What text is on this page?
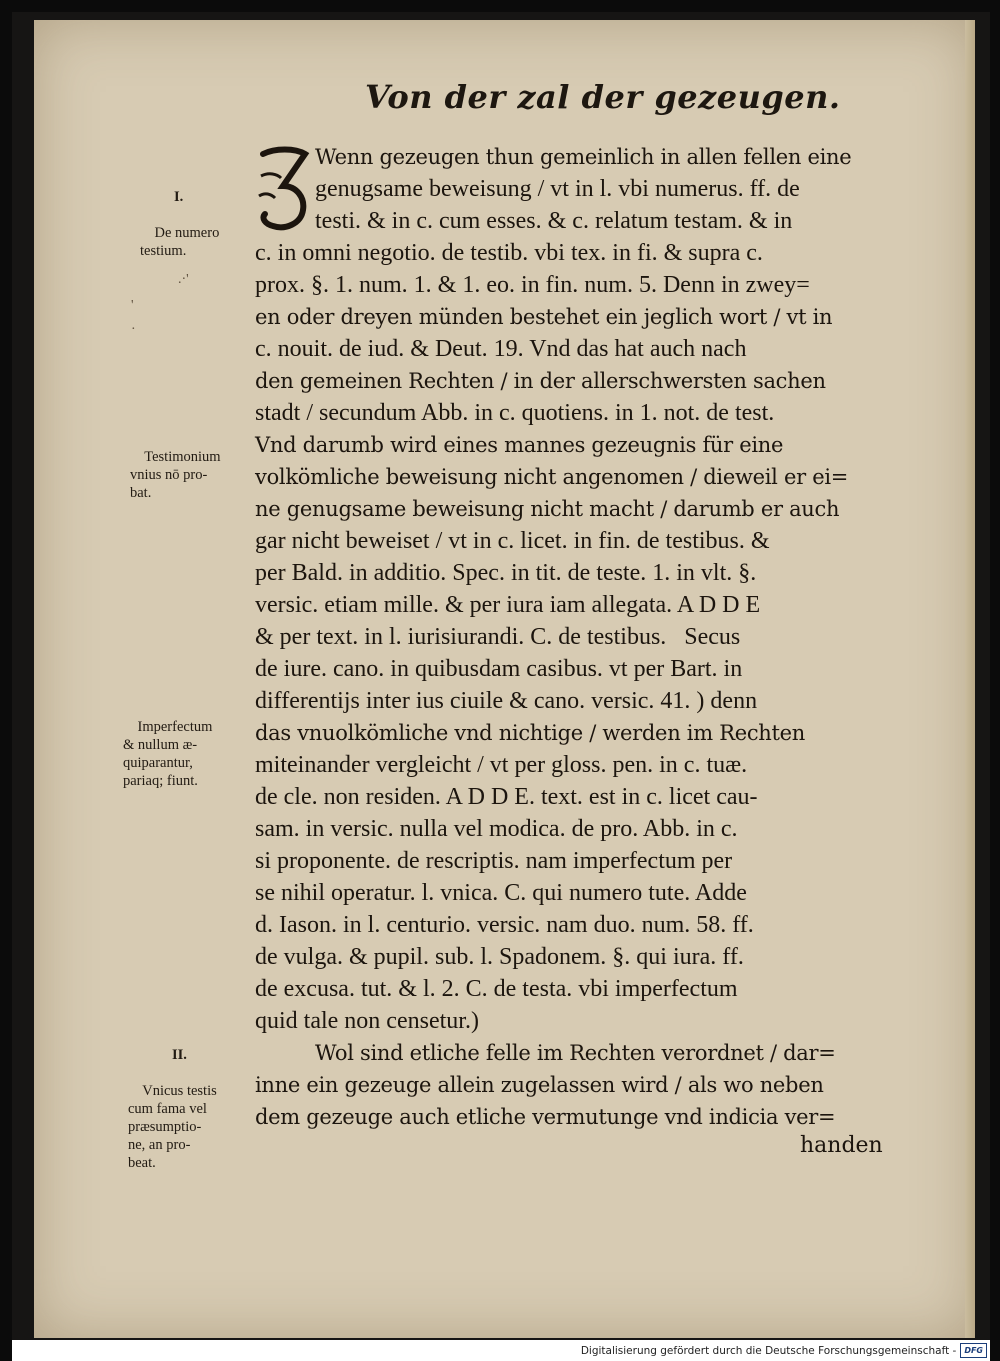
Von der zal der gezeugen.

I.

De numero
testium.

Testimonium
vnius nō pro-
bat.

Imperfectum
& nullum æ-
quiparantur,
pariaq; fiunt.

II.

Vnicus testis
cum fama vel
præsumptio-
ne, an pro-
beat.

.·'
'
·
Wenn gezeugen thun gemeinlich in allen fellen eine
genugsame beweisung / vt in l. vbi numerus. ff. de
testi. & in c. cum esses. & c. relatum testam. & in
c. in omni negotio. de testib. vbi tex. in fi. & supra c.
prox. §. 1. num. 1. & 1. eo. in fin. num. 5. Denn in zwey=
en oder dreyen münden bestehet ein jeglich wort / vt in
c. nouit. de iud. & Deut. 19. Vnd das hat auch nach
den gemeinen Rechten / in der allerschwersten sachen
stadt / secundum Abb. in c. quotiens. in 1. not. de test.
Vnd darumb wird eines mannes gezeugnis für eine
volkömliche beweisung nicht angenomen / dieweil er ei=
ne genugsame beweisung nicht macht / darumb er auch
gar nicht beweiset / vt in c. licet. in fin. de testibus. &
per Bald. in additio. Spec. in tit. de teste. 1. in vlt. §.
versic. etiam mille. & per iura iam allegata. A D D E
& per text. in l. iurisiurandi. C. de testibus.   Secus
de iure. cano. in quibusdam casibus. vt per Bart. in
differentijs inter ius ciuile & cano. versic. 41. ) denn
das vnuolkömliche vnd nichtige / werden im Rechten
miteinander vergleicht / vt per gloss. pen. in c. tuæ.
de cle. non residen. A D D E. text. est in c. licet cau-
sam. in versic. nulla vel modica. de pro. Abb. in c.
si proponente. de rescriptis. nam imperfectum per
se nihil operatur. l. vnica. C. qui numero tute. Adde
d. Iason. in l. centurio. versic. nam duo. num. 58. ff.
de vulga. & pupil. sub. l. Spadonem. §. qui iura. ff.
de excusa. tut. & l. 2. C. de testa. vbi imperfectum
quid tale non censetur.)
Wol sind etliche felle im Rechten verordnet / dar=
inne ein gezeuge allein zugelassen wird / als wo neben
dem gezeuge auch etliche vermutunge vnd indicia ver=
handen
Digitalisierung gefördert durch die Deutsche Forschungsgemeinschaft -	DFG
